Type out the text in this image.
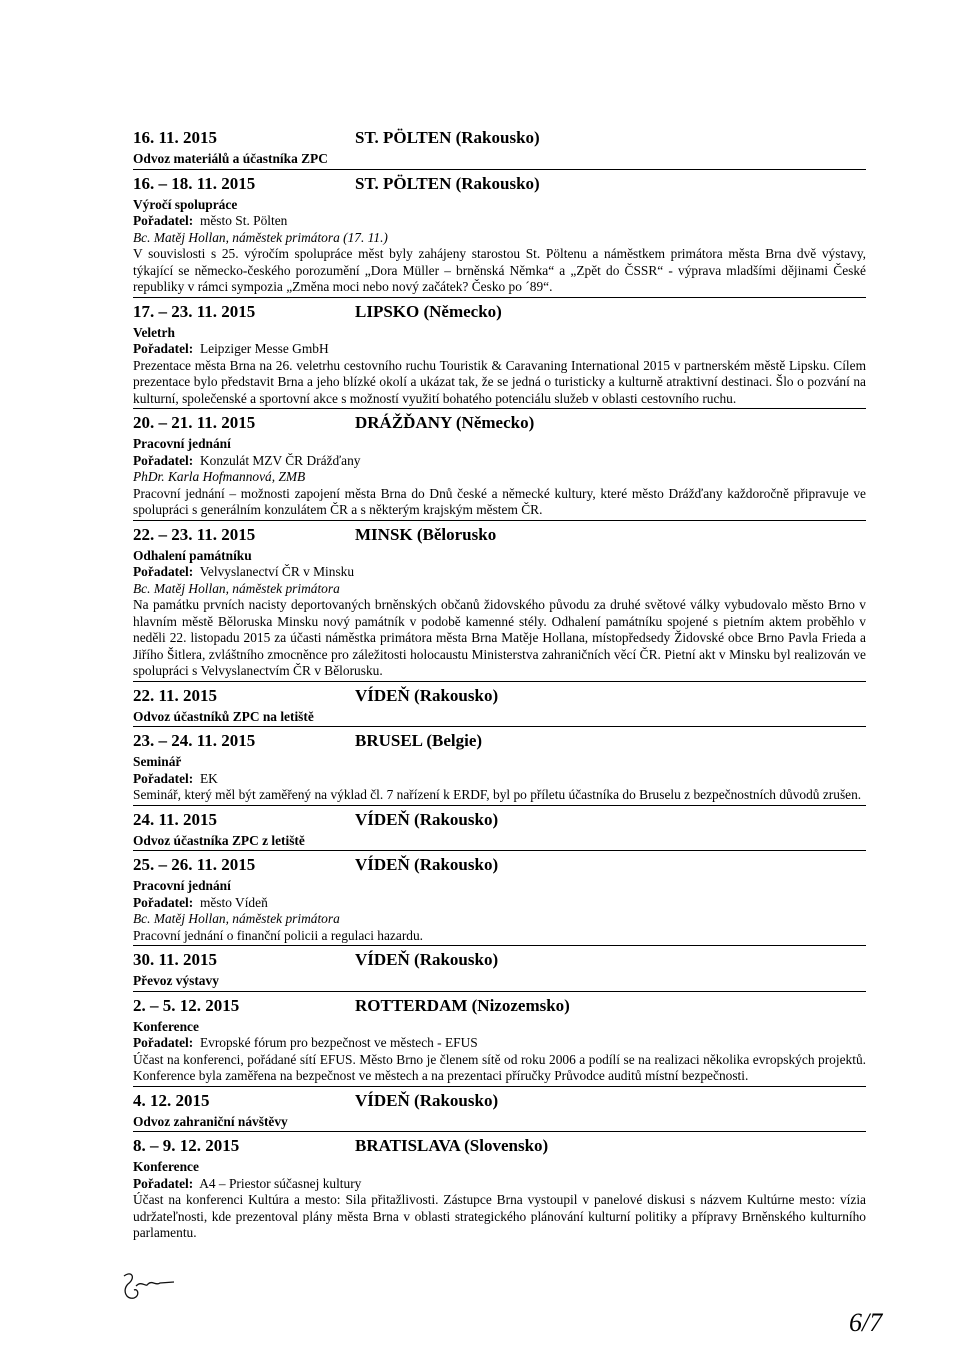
16. 11. 2015	ST. PÖLTEN (Rakousko)
Odvoz materiálů a účastníka ZPC
16. – 18. 11. 2015	ST. PÖLTEN (Rakousko)
Výročí spolupráce
Pořadatel: město St. Pölten
Bc. Matěj Hollan, náměstek primátora (17. 11.)
V souvislosti s 25. výročím spolupráce měst byly zahájeny starostou St. Pöltenu a náměstkem primátora města Brna dvě výstavy, týkající se německo-českého porozumění „Dora Müller – brněnská Němka“ a „Zpět do ČSSR“ - výprava mladšími dějinami České republiky v rámci sympozia „Změna moci nebo nový začátek? Česko po ´89“.
17. – 23. 11. 2015	LIPSKO (Německo)
Veletrh
Pořadatel: Leipziger Messe GmbH
Prezentace města Brna na 26. veletrhu cestovního ruchu Touristik & Caravaning International 2015 v partnerském městě Lipsku. Cílem prezentace bylo představit Brna a jeho blízké okolí a ukázat tak, že se jedná o turisticky a kulturně atraktivní destinaci. Šlo o pozvání na kulturní, společenské a sportovní akce s možností využití bohatého potenciálu služeb v oblasti cestovního ruchu.
20. – 21. 11. 2015	DRÁŽĎANY (Německo)
Pracovní jednání
Pořadatel: Konzulát MZV ČR Drážďany
PhDr. Karla Hofmannová, ZMB
Pracovní jednání – možnosti zapojení města Brna do Dnů české a německé kultury, které město Drážďany každoročně připravuje ve spolupráci s generálním konzulátem ČR a s některým krajským městem ČR.
22. – 23. 11. 2015	MINSK (Bělorusko
Odhalení památníku
Pořadatel: Velvyslanectví ČR v Minsku
Bc. Matěj Hollan, náměstek primátora
Na památku prvních nacisty deportovaných brněnských občanů židovského původu za druhé světové války vybudovalo město Brno v hlavním městě Běloruska Minsku nový památník v podobě kamenné stély. Odhalení památníku spojené s pietním aktem proběhlo v neděli 22. listopadu 2015 za účasti náměstka primátora města Brna Matěje Hollana, místopředsedy Židovské obce Brno Pavla Frieda a Jiřího Šitlera, zvláštního zmocněnce pro záležitosti holocaustu Ministerstva zahraničních věcí ČR. Pietní akt v Minsku byl realizován ve spolupráci s Velvyslanectvím ČR v Bělorusku.
22. 11. 2015	VÍDEŇ (Rakousko)
Odvoz účastníků ZPC na letiště
23. – 24. 11. 2015	BRUSEL (Belgie)
Seminář
Pořadatel: EK
Seminář, který měl být zaměřený na výklad čl. 7 nařízení k ERDF, byl po příletu účastníka do Bruselu z bezpečnostních důvodů zrušen.
24. 11. 2015	VÍDEŇ (Rakousko)
Odvoz účastníka ZPC z letiště
25. – 26. 11. 2015	VÍDEŇ (Rakousko)
Pracovní jednání
Pořadatel: město Vídeň
Bc. Matěj Hollan, náměstek primátora
Pracovní jednání o finanční policii a regulaci hazardu.
30. 11. 2015	VÍDEŇ (Rakousko)
Převoz výstavy
2. – 5. 12. 2015	ROTTERDAM (Nizozemsko)
Konference
Pořadatel: Evropské fórum pro bezpečnost ve městech - EFUS
Účast na konferenci, pořádané sítí EFUS. Město Brno je členem sítě od roku 2006 a podílí se na realizaci několika evropských projektů. Konference byla zaměřena na bezpečnost ve městech a na prezentaci příručky Průvodce auditů místní bezpečnosti.
4. 12. 2015	VÍDEŇ (Rakousko)
Odvoz zahraniční návštěvy
8. – 9. 12. 2015	BRATISLAVA (Slovensko)
Konference
Pořadatel: A4 – Priestor súčasnej kultury
Účast na konferenci Kultúra a mesto: Sila přitažlivosti. Zástupce Brna vystoupil v panelové diskusi s názvem Kultúrne mesto: vízia udržateľnosti, kde prezentoval plány města Brna v oblasti strategického plánování kulturní politiky a přípravy Brněnského kulturního parlamentu.
6/7
